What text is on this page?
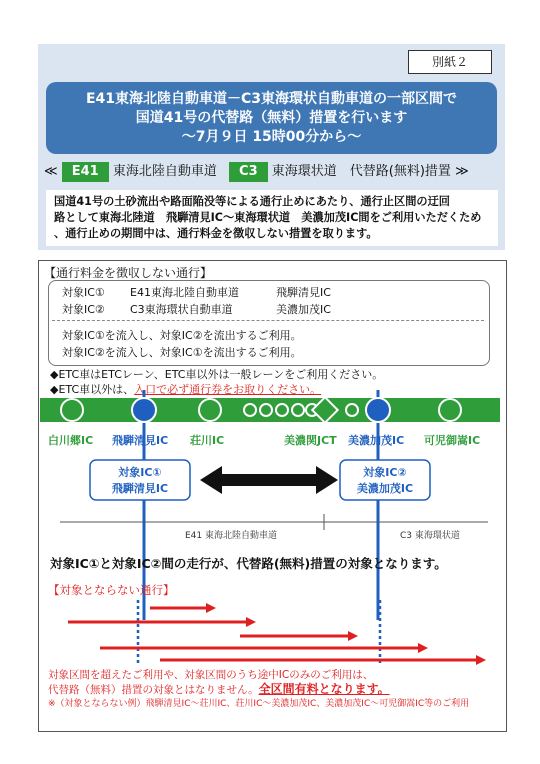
別紙２
E41東海北陸自動車道－C3東海環状自動車道の一部区間で
国道41号の代替路（無料）措置を行います
～7月９日 15時00分から～
≪ E41 東海北陸自動車道 C3 東海環状道　代替路(無料)措置 ≫
国道41号の土砂流出や路面陥没等による通行止めにあたり、通行止区間の迂回
路として東海北陸道　飛騨清見IC～東海環状道　美濃加茂IC間をご利用いただくため
、通行止めの期間中は、通行料金を徴収しない措置を取ります。
【通行料金を徴収しない通行】
対象IC① E41東海北陸自動車道	飛騨清見IC
対象IC② C3東海環状自動車道	美濃加茂IC
対象IC①を流入し、対象IC②を流出するご利用。
対象IC②を流入し、対象IC①を流出するご利用。
◆ETC車はETCレーン、ETC車以外は一般レーンをご利用ください。
◆ETC車以外は、入口で必ず通行券をお取りください。
白川郷IC 飛騨清見IC 荘川IC	美濃関JCT 美濃加茂IC 可児御嵩IC
対象IC①
飛騨清見IC
対象IC②
美濃加茂IC
E41 東海北陸自動車道	C3 東海環状道
対象IC①と対象IC②間の走行が、代替路(無料)措置の対象となります。
【対象とならない通行】
対象区間を超えたご利用や、対象区間のうち途中ICのみのご利用は、
代替路（無料）措置の対象とはなりません。全区間有料となります。
※（対象とならない例）飛騨清見IC～荘川IC、荘川IC～美濃加茂IC、美濃加茂IC～可児御嵩IC等のご利用
